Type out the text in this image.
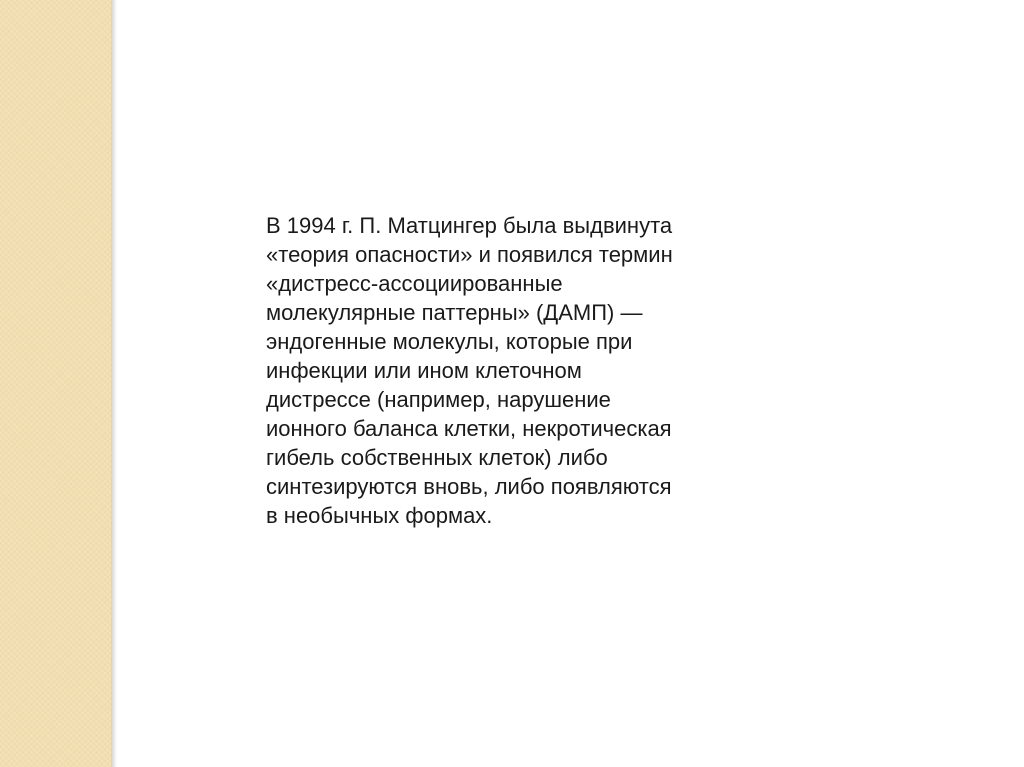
В 1994 г. П. Матцингер была выдвинута
«теория опасности» и появился термин
«дистресс-ассоциированные
молекулярные паттерны» (ДАМП) —
эндогенные молекулы, которые при
инфекции или ином клеточном
дистрессе (например, нарушение
ионного баланса клетки, некротическая
гибель собственных клеток) либо
синтезируются вновь, либо появляются
в необычных формах.
